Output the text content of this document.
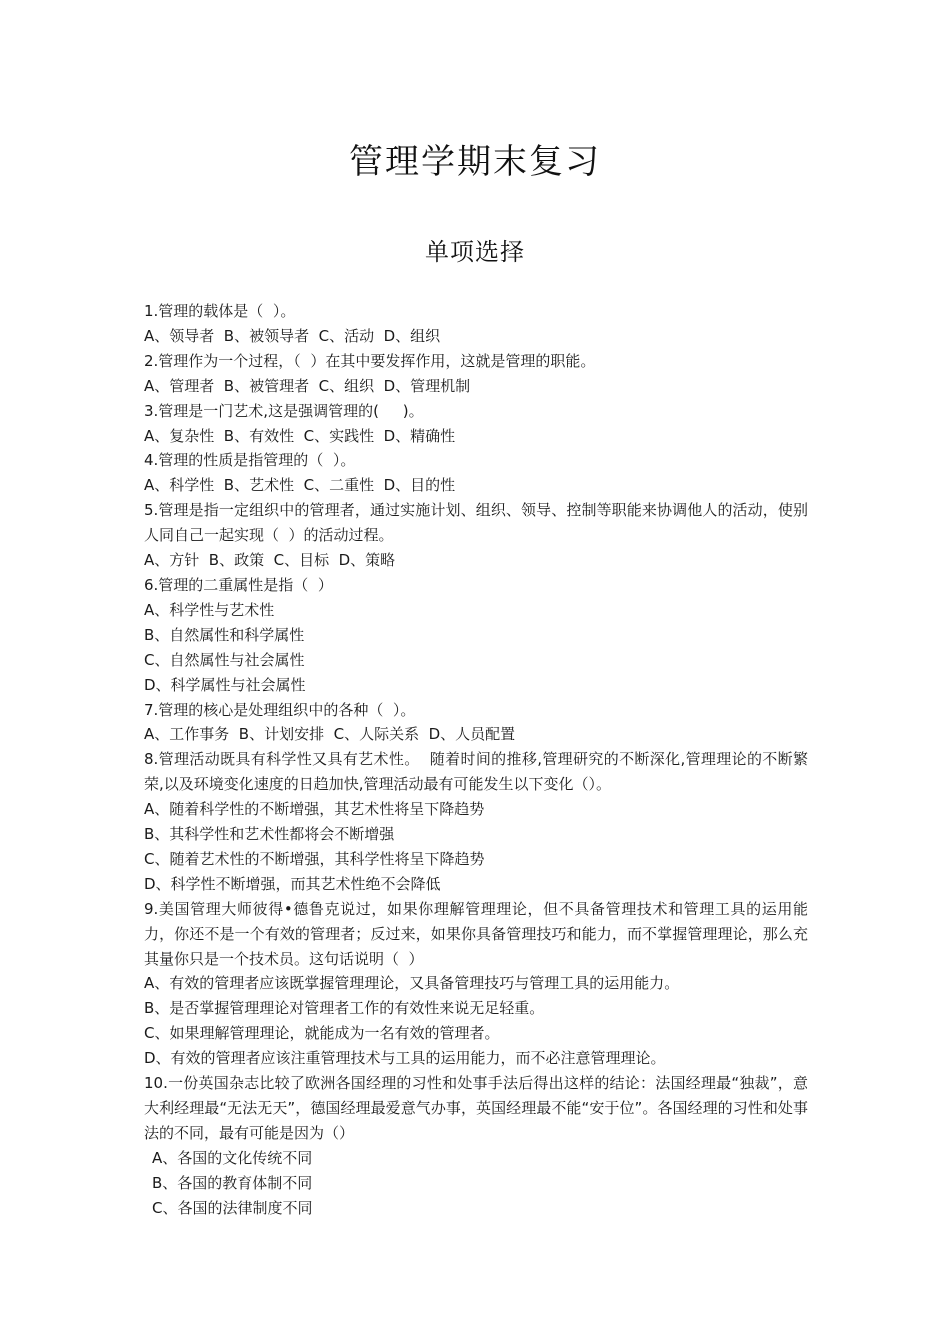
管理学期末复习
单项选择
1.管理的载体是（  ）。
A、领导者  B、被领导者  C、活动  D、组织
2.管理作为一个过程，（  ）在其中要发挥作用，这就是管理的职能。
A、管理者  B、被管理者  C、组织  D、管理机制
3.管理是一门艺术,这是强调管理的(     )。
A、复杂性  B、有效性  C、实践性  D、精确性
4.管理的性质是指管理的（  ）。
A、科学性  B、艺术性  C、二重性  D、目的性
5.管理是指一定组织中的管理者，通过实施计划、组织、领导、控制等职能来协调他人的活动，使别人同自己一起实现（  ）的活动过程。
A、方针  B、政策  C、目标  D、策略
6.管理的二重属性是指（  ）
A、科学性与艺术性
B、自然属性和科学属性
C、自然属性与社会属性
D、科学属性与社会属性
7.管理的核心是处理组织中的各种（  ）。
A、工作事务  B、计划安排  C、人际关系  D、人员配置
8.管理活动既具有科学性又具有艺术性。  随着时间的推移,管理研究的不断深化,管理理论的不断繁荣,以及环境变化速度的日趋加快,管理活动最有可能发生以下变化（）。
A、随着科学性的不断增强，其艺术性将呈下降趋势
B、其科学性和艺术性都将会不断增强
C、随着艺术性的不断增强，其科学性将呈下降趋势
D、科学性不断增强，而其艺术性绝不会降低
9.美国管理大师彼得•德鲁克说过，如果你理解管理理论，但不具备管理技术和管理工具的运用能力，你还不是一个有效的管理者；反过来，如果你具备管理技巧和能力，而不掌握管理理论，那么充其量你只是一个技术员。这句话说明（  ）
A、有效的管理者应该既掌握管理理论，又具备管理技巧与管理工具的运用能力。
B、是否掌握管理理论对管理者工作的有效性来说无足轻重。
C、如果理解管理理论，就能成为一名有效的管理者。
D、有效的管理者应该注重管理技术与工具的运用能力，而不必注意管理理论。
10.一份英国杂志比较了欧洲各国经理的习性和处事手法后得出这样的结论：法国经理最“独裁”，意大利经理最“无法无天”，德国经理最爱意气办事，英国经理最不能“安于位”。各国经理的习性和处事法的不同，最有可能是因为（）
A、各国的文化传统不同
B、各国的教育体制不同
C、各国的法律制度不同
